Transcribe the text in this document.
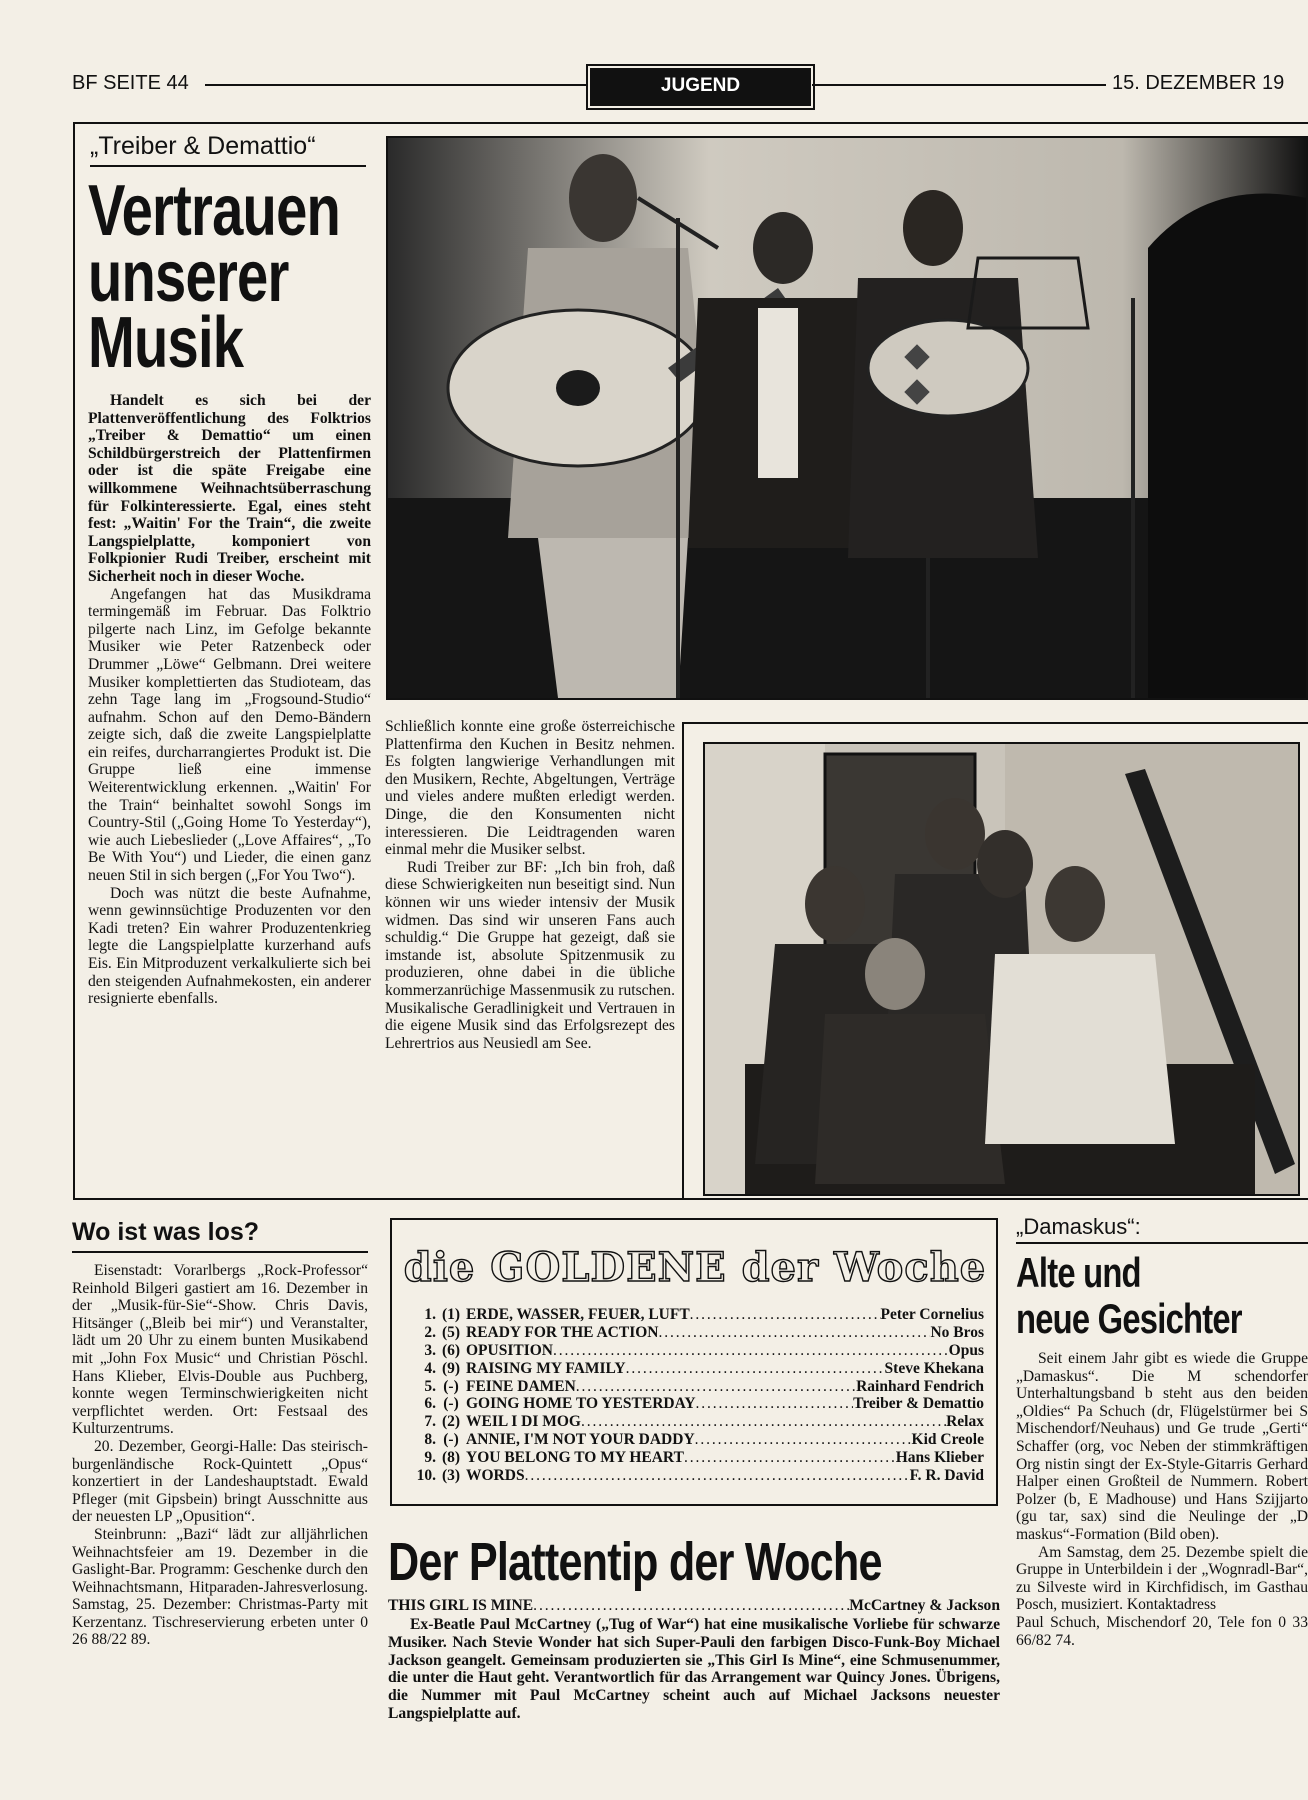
BF SEITE 44	JUGEND	15. DEZEMBER 19
„Treiber & Demattio“
Vertrauen
unserer
Musik

Handelt es sich bei der Plattenveröffentlichung des Folktrios „Treiber & Demattio“ um einen Schildbürgerstreich der Plattenfirmen oder ist die späte Freigabe eine willkommene Weihnachtsüberraschung für Folkinteressierte. Egal, eines steht fest: „Waitin' For the Train“, die zweite Langspielplatte, komponiert von Folkpionier Rudi Treiber, erscheint mit Sicherheit noch in dieser Woche.

Angefangen hat das Musikdrama termingemäß im Februar. Das Folktrio pilgerte nach Linz, im Gefolge bekannte Musiker wie Peter Ratzenbeck oder Drummer „Löwe“ Gelbmann. Drei weitere Musiker komplettierten das Studioteam, das zehn Tage lang im „Frogsound-Studio“ aufnahm. Schon auf den Demo-Bändern zeigte sich, daß die zweite Langspielplatte ein reifes, durcharrangiertes Produkt ist. Die Gruppe ließ eine immense Weiterentwicklung erkennen. „Waitin' For the Train“ beinhaltet sowohl Songs im Country-Stil („Going Home To Yesterday“), wie auch Liebeslieder („Love Affaires“, „To Be With You“) und Lieder, die einen ganz neuen Stil in sich bergen („For You Two“).

Doch was nützt die beste Aufnahme, wenn gewinnsüchtige Produzenten vor den Kadi treten? Ein wahrer Produzentenkrieg legte die Langspielplatte kurzerhand aufs Eis. Ein Mitproduzent verkalkulierte sich bei den steigenden Aufnahmekosten, ein anderer resignierte ebenfalls.

Schließlich konnte eine große österreichische Plattenfirma den Kuchen in Besitz nehmen. Es folgten langwierige Verhandlungen mit den Musikern, Rechte, Abgeltungen, Verträge und vieles andere mußten erledigt werden. Dinge, die den Konsumenten nicht interessieren. Die Leidtragenden waren einmal mehr die Musiker selbst.

Rudi Treiber zur BF: „Ich bin froh, daß diese Schwierigkeiten nun beseitigt sind. Nun können wir uns wieder intensiv der Musik widmen. Das sind wir unseren Fans auch schuldig.“ Die Gruppe hat gezeigt, daß sie imstande ist, absolute Spitzenmusik zu produzieren, ohne dabei in die übliche kommerzanrüchige Massenmusik zu rutschen. Musikalische Geradlinigkeit und Vertrauen in die eigene Musik sind das Erfolgsrezept des Lehrertrios aus Neusiedl am See.

Wo ist was los?

Eisenstadt: Vorarlbergs „Rock-Professor“ Reinhold Bilgeri gastiert am 16. Dezember in der „Musik-für-Sie“-Show. Chris Davis, Hitsänger („Bleib bei mir“) und Veranstalter, lädt um 20 Uhr zu einem bunten Musikabend mit „John Fox Music“ und Christian Pöschl. Hans Klieber, Elvis-Double aus Puchberg, konnte wegen Terminschwierigkeiten nicht verpflichtet werden. Ort: Festsaal des Kulturzentrums.

20. Dezember, Georgi-Halle: Das steirisch-burgenländische Rock-Quintett „Opus“ konzertiert in der Landeshauptstadt. Ewald Pfleger (mit Gipsbein) bringt Ausschnitte aus der neuesten LP „Opusition“.

Steinbrunn: „Bazi“ lädt zur alljährlichen Weihnachtsfeier am 19. Dezember in die Gaslight-Bar. Programm: Geschenke durch den Weihnachtsmann, Hitparaden-Jahresverlosung. Samstag, 25. Dezember: Christmas-Party mit Kerzentanz. Tischreservierung erbeten unter 0 26 88/22 89.

die GOLDENE der Woche
1. (1) ERDE, WASSER, FEUER, LUFT . . .	Peter Cornelius
2. (5) READY FOR THE ACTION . . .	No Bros
3. (6) OPUSITION . . .	Opus
4. (9) RAISING MY FAMILY . . .	Steve Khekana
5. (-) FEINE DAMEN . . .	Rainhard Fendrich
6. (-) GOING HOME TO YESTERDAY . . .	Treiber & Demattio
7. (2) WEIL I DI MOG . . .	Relax
8. (-) ANNIE, I'M NOT YOUR DADDY . . .	Kid Creole
9. (8) YOU BELONG TO MY HEART . . .	Hans Klieber
10. (3) WORDS . . .	F. R. David
Der Plattentip der Woche
THIS GIRL IS MINE . . .	McCartney & Jackson

Ex-Beatle Paul McCartney („Tug of War“) hat eine musikalische Vorliebe für schwarze Musiker. Nach Stevie Wonder hat sich Super-Pauli den farbigen Disco-Funk-Boy Michael Jackson geangelt. Gemeinsam produzierten sie „This Girl Is Mine“, eine Schmusenummer, die unter die Haut geht. Verantwortlich für das Arrangement war Quincy Jones. Übrigens, die Nummer mit Paul McCartney scheint auch auf Michael Jacksons neuester Langspielplatte auf.

„Damaskus“:
Alte und
neue Gesichter

Seit einem Jahr gibt es wiede die Gruppe „Damaskus“. Die M schendorfer Unterhaltungsband b steht aus den beiden „Oldies“ Pa Schuch (dr, Flügelstürmer bei S Mischendorf/Neuhaus) und Ge trude „Gerti“ Schaffer (org, voc Neben der stimmkräftigen Org nistin singt der Ex-Style-Gitarris Gerhard Halper einen Großteil de Nummern. Robert Polzer (b, E Madhouse) und Hans Szijjarto (gu tar, sax) sind die Neulinge der „D maskus“-Formation (Bild oben).

Am Samstag, dem 25. Dezembe spielt die Gruppe in Unterbildein i der „Wognradl-Bar“, zu Silveste wird in Kirchfidisch, im Gasthau Posch, musiziert. Kontaktadress

Paul Schuch, Mischendorf 20, Tele fon 0 33 66/82 74.
